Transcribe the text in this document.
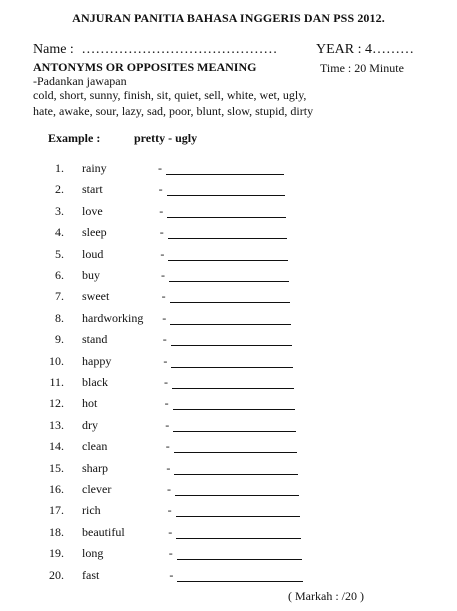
ANJURAN PANITIA BAHASA INGGERIS DAN PSS 2012.
Name : ……………………………………	YEAR : 4………
ANTONYMS OR OPPOSITES MEANING	Time : 20 Minute
-Padankan jawapan
cold, short, sunny, finish, sit, quiet, sell, white, wet, ugly,
hate, awake, sour, lazy, sad, poor, blunt, slow, stupid, dirty
Example :	pretty - ugly
1. rainy	-
2. start	-
3. love	-
4. sleep	-
5. loud	-
6. buy	-
7. sweet	-
8. hardworking -
9. stand	-
10. happy	-
11. black	-
12. hot	-
13. dry	-
14. clean	-
15. sharp	-
16. clever	-
17. rich	-
18. beautiful	-
19. long	-
20. fast	-
( Markah : /20 )
